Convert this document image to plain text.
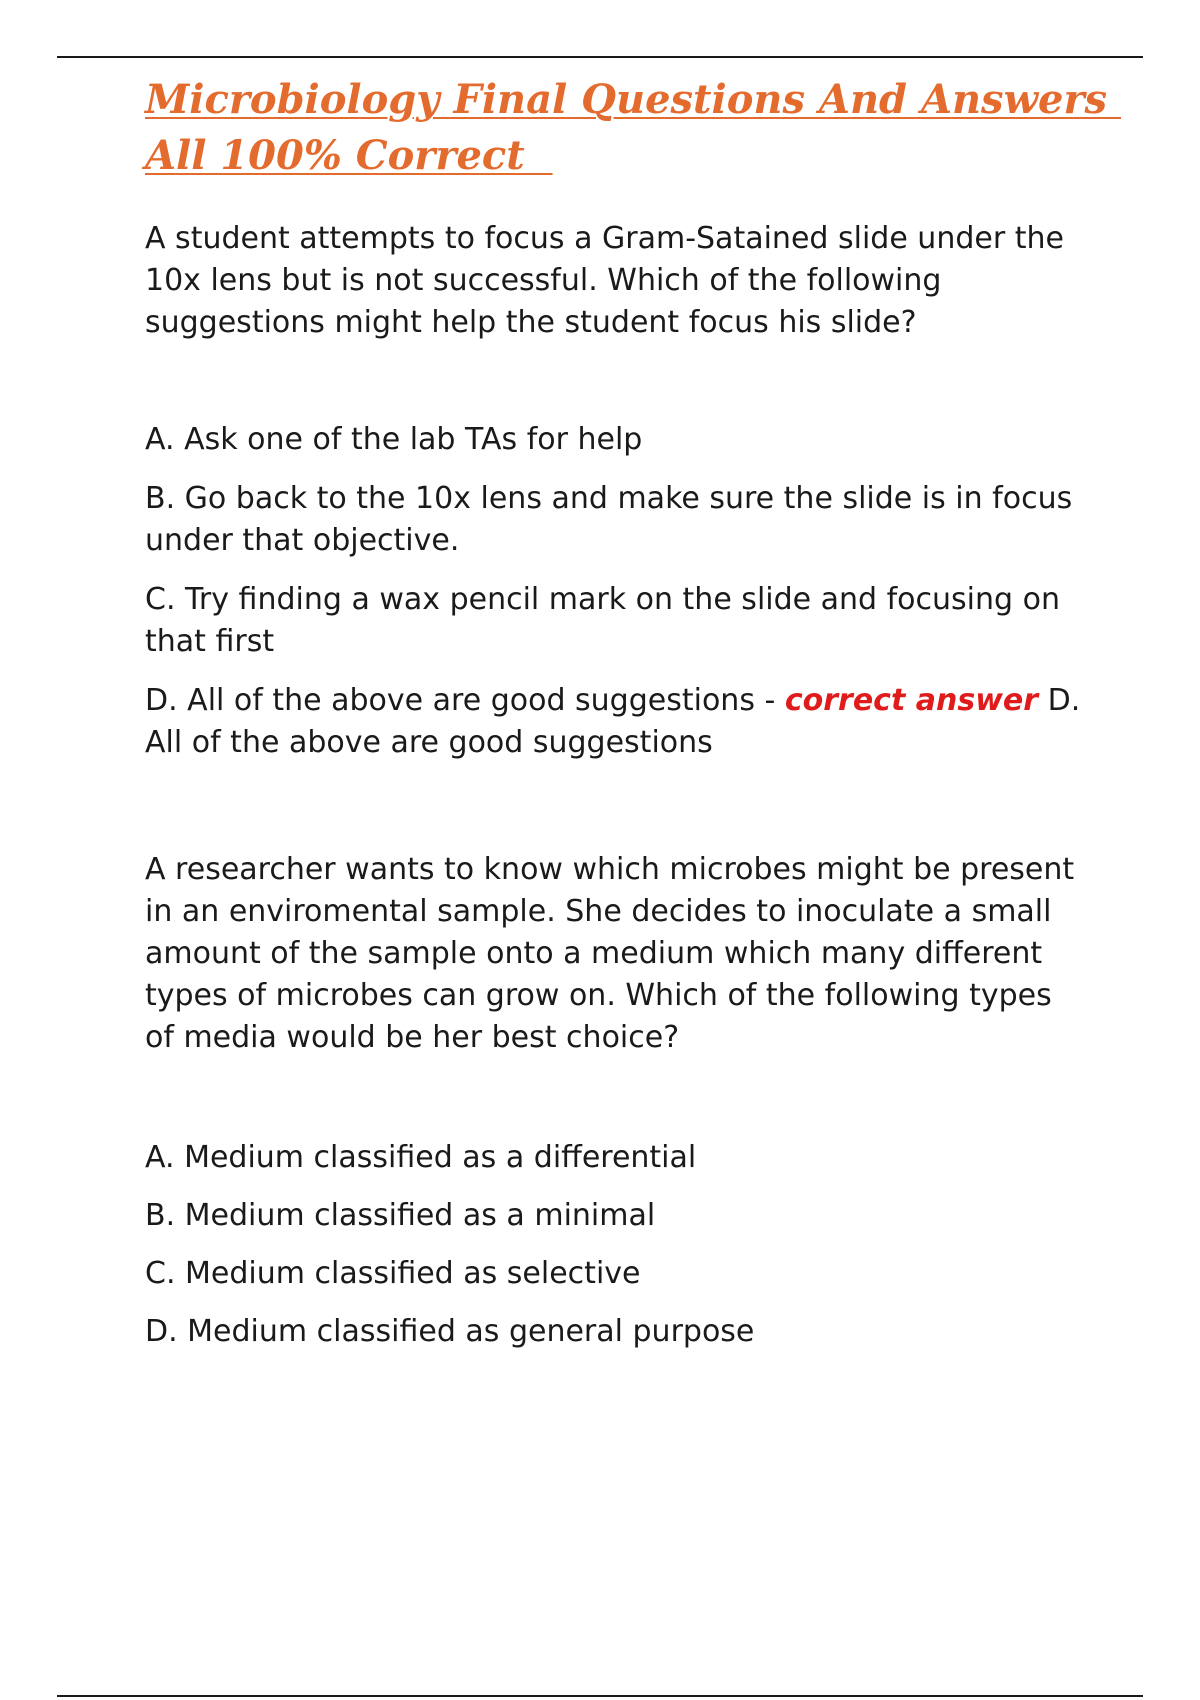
Microbiology Final Questions And Answers
All 100% Correct

A student attempts to focus a Gram-Satained slide under the 10x lens but is not successful. Which of the following suggestions might help the student focus his slide?

A. Ask one of the lab TAs for help

B. Go back to the 10x lens and make sure the slide is in focus under that objective.

C. Try finding a wax pencil mark on the slide and focusing on that first

D. All of the above are good suggestions - correct answer D. All of the above are good suggestions

A researcher wants to know which microbes might be present in an enviromental sample. She decides to inoculate a small amount of the sample onto a medium which many different types of microbes can grow on. Which of the following types of media would be her best choice?

A. Medium classified as a differential

B. Medium classified as a minimal

C. Medium classified as selective

D. Medium classified as general purpose
